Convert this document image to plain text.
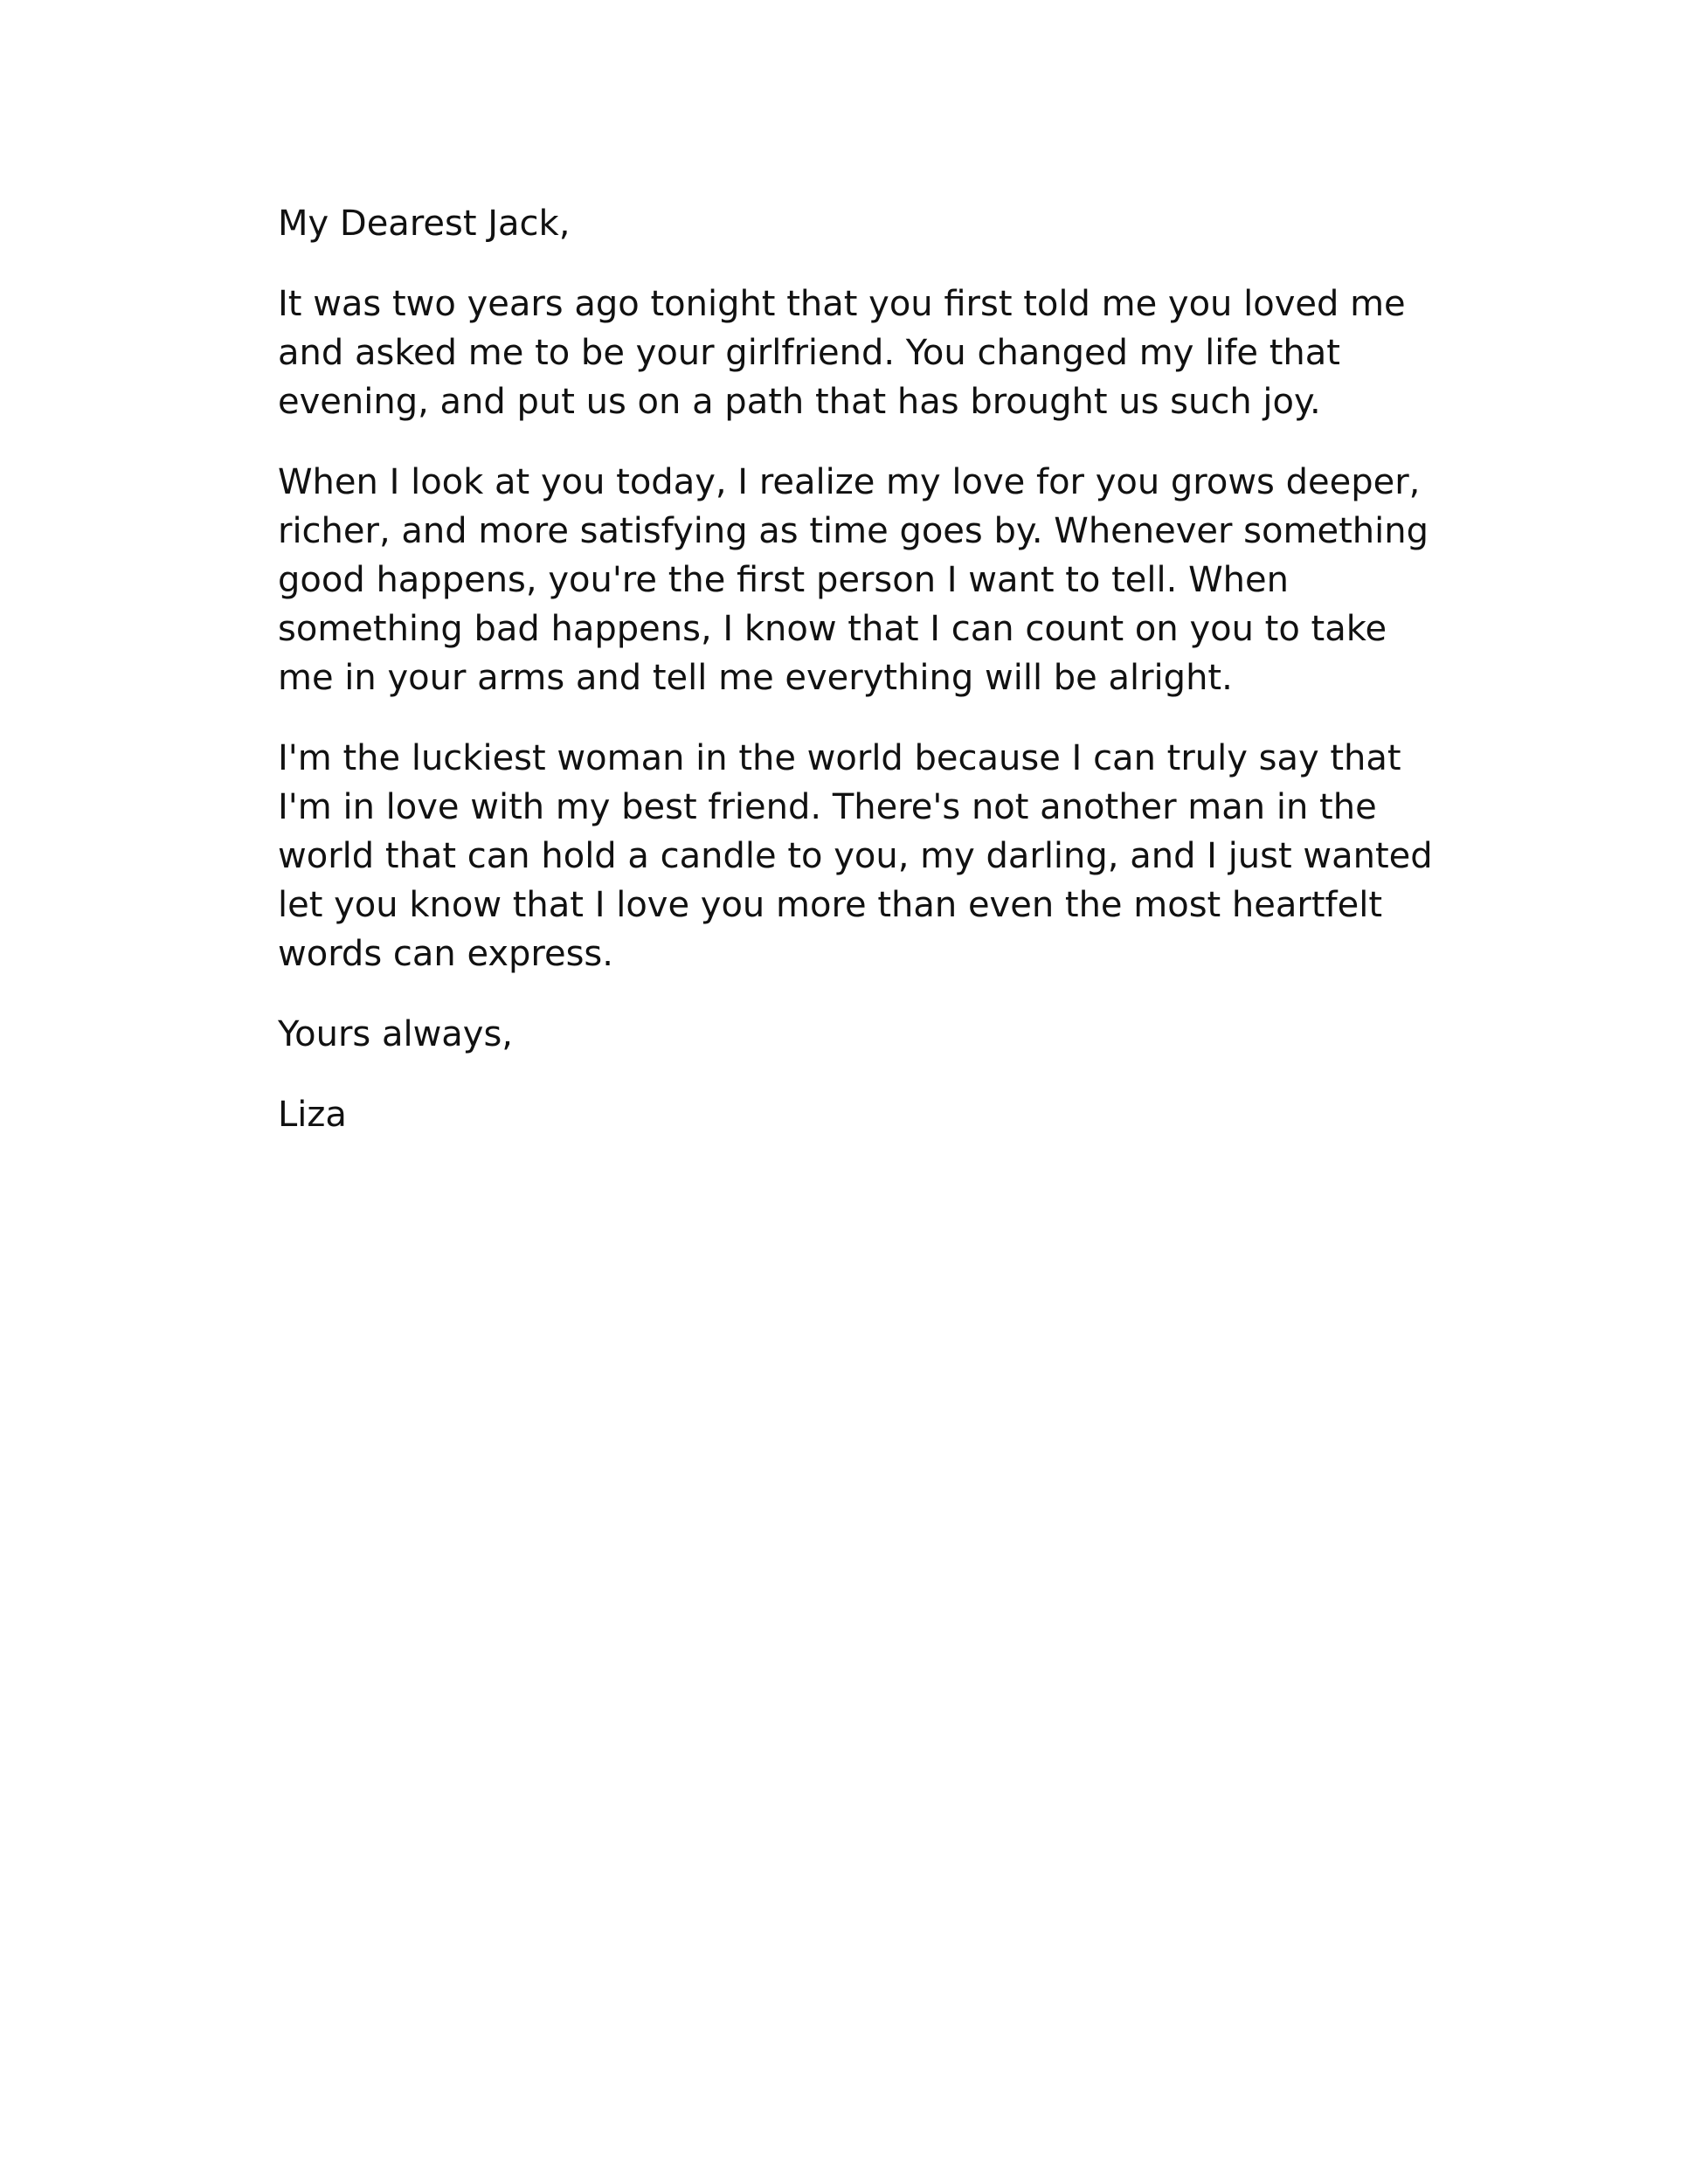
My Dearest Jack,

It was two years ago tonight that you first told me you loved me
and asked me to be your girlfriend. You changed my life that
evening, and put us on a path that has brought us such joy.

When I look at you today, I realize my love for you grows deeper,
richer, and more satisfying as time goes by. Whenever something
good happens, you're the first person I want to tell. When
something bad happens, I know that I can count on you to take
me in your arms and tell me everything will be alright.

I'm the luckiest woman in the world because I can truly say that
I'm in love with my best friend. There's not another man in the
world that can hold a candle to you, my darling, and I just wanted
let you know that I love you more than even the most heartfelt
words can express.

Yours always,

Liza
